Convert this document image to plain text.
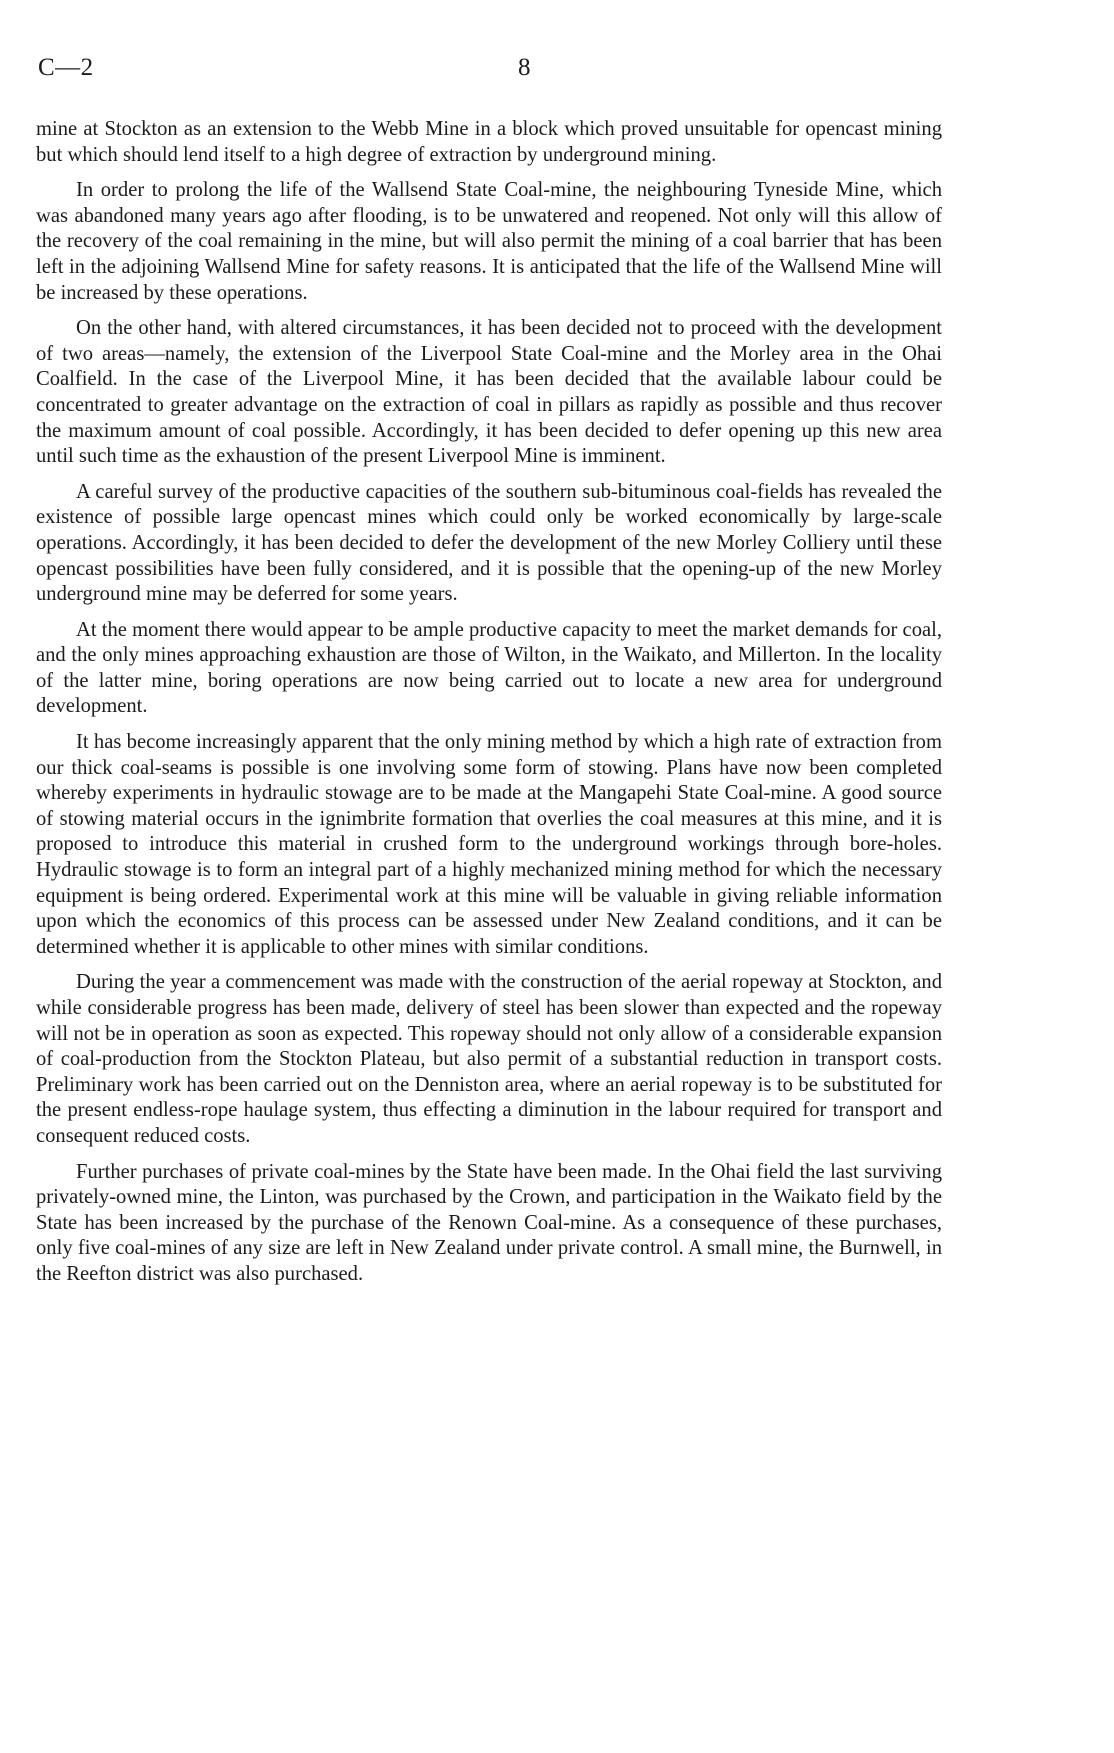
C—2	8

mine at Stockton as an extension to the Webb Mine in a block which proved unsuitable for opencast mining but which should lend itself to a high degree of extraction by underground mining.

In order to prolong the life of the Wallsend State Coal-mine, the neighbouring Tyneside Mine, which was abandoned many years ago after flooding, is to be unwatered and reopened. Not only will this allow of the recovery of the coal remaining in the mine, but will also permit the mining of a coal barrier that has been left in the adjoining Wallsend Mine for safety reasons. It is anticipated that the life of the Wallsend Mine will be increased by these operations.

On the other hand, with altered circumstances, it has been decided not to proceed with the development of two areas—namely, the extension of the Liverpool State Coal-mine and the Morley area in the Ohai Coalfield. In the case of the Liverpool Mine, it has been decided that the available labour could be concentrated to greater advantage on the extraction of coal in pillars as rapidly as possible and thus recover the maximum amount of coal possible. Accordingly, it has been decided to defer opening up this new area until such time as the exhaustion of the present Liverpool Mine is imminent.

A careful survey of the productive capacities of the southern sub-bituminous coal-fields has revealed the existence of possible large opencast mines which could only be worked economically by large-scale operations. Accordingly, it has been decided to defer the development of the new Morley Colliery until these opencast possibilities have been fully considered, and it is possible that the opening-up of the new Morley underground mine may be deferred for some years.

At the moment there would appear to be ample productive capacity to meet the market demands for coal, and the only mines approaching exhaustion are those of Wilton, in the Waikato, and Millerton. In the locality of the latter mine, boring operations are now being carried out to locate a new area for underground development.

It has become increasingly apparent that the only mining method by which a high rate of extraction from our thick coal-seams is possible is one involving some form of stowing. Plans have now been completed whereby experiments in hydraulic stowage are to be made at the Mangapehi State Coal-mine. A good source of stowing material occurs in the ignimbrite formation that overlies the coal measures at this mine, and it is proposed to introduce this material in crushed form to the underground workings through bore-holes. Hydraulic stowage is to form an integral part of a highly mechanized mining method for which the necessary equipment is being ordered. Experimental work at this mine will be valuable in giving reliable information upon which the economics of this process can be assessed under New Zealand conditions, and it can be determined whether it is applicable to other mines with similar conditions.

During the year a commencement was made with the construction of the aerial ropeway at Stockton, and while considerable progress has been made, delivery of steel has been slower than expected and the ropeway will not be in operation as soon as expected. This ropeway should not only allow of a considerable expansion of coal-production from the Stockton Plateau, but also permit of a substantial reduction in transport costs. Preliminary work has been carried out on the Denniston area, where an aerial ropeway is to be substituted for the present endless-rope haulage system, thus effecting a diminution in the labour required for transport and consequent reduced costs.

Further purchases of private coal-mines by the State have been made. In the Ohai field the last surviving privately-owned mine, the Linton, was purchased by the Crown, and participation in the Waikato field by the State has been increased by the purchase of the Renown Coal-mine. As a consequence of these purchases, only five coal-mines of any size are left in New Zealand under private control. A small mine, the Burnwell, in the Reefton district was also purchased.
